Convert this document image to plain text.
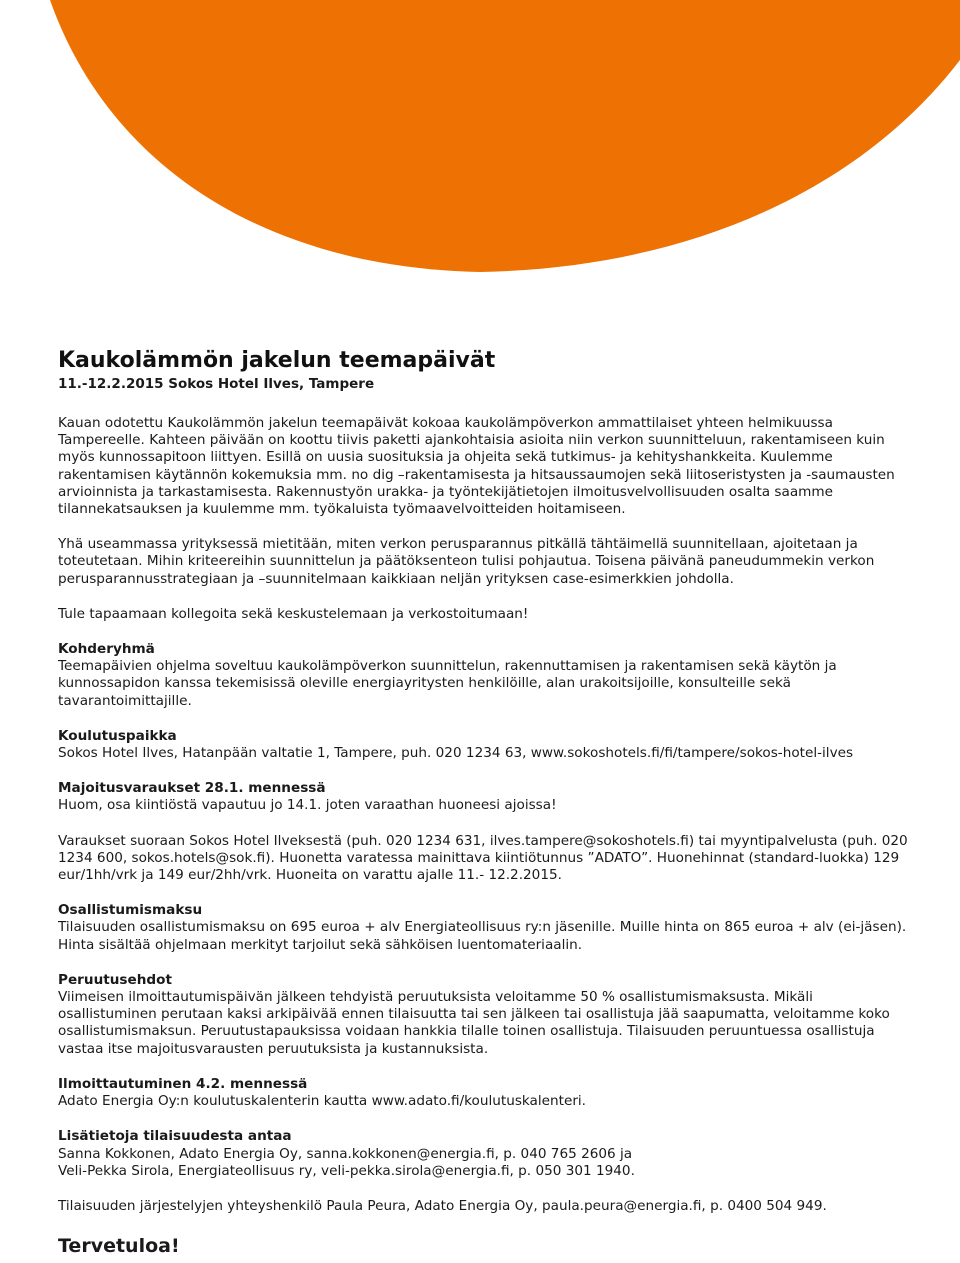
Kaukolämmön jakelun teemapäivät
11.-12.2.2015 Sokos Hotel Ilves, Tampere

Kauan odotettu Kaukolämmön jakelun teemapäivät kokoaa kaukolämpöverkon ammattilaiset yhteen helmikuussa Tampereelle. Kahteen päivään on koottu tiivis paketti ajankohtaisia asioita niin verkon suunnitteluun, rakentamiseen kuin myös kunnossapitoon liittyen. Esillä on uusia suosituksia ja ohjeita sekä tutkimus- ja kehityshankkeita. Kuulemme rakentamisen käytännön kokemuksia mm. no dig –rakentamisesta ja hitsaussaumojen sekä liitoseristysten ja -saumausten arvioinnista ja tarkastamisesta. Rakennustyön urakka- ja työntekijätietojen ilmoitusvelvollisuuden osalta saamme tilannekatsauksen ja kuulemme mm. työkaluista työmaavelvoitteiden hoitamiseen.

Yhä useammassa yrityksessä mietitään, miten verkon perusparannus pitkällä tähtäimellä suunnitellaan, ajoitetaan ja toteutetaan. Mihin kriteereihin suunnittelun ja päätöksenteon tulisi pohjautua. Toisena päivänä paneudummekin verkon perusparannusstrategiaan ja –suunnitelmaan kaikkiaan neljän yrityksen case-esimerkkien johdolla.

Tule tapaamaan kollegoita sekä keskustelemaan ja verkostoitumaan!

Kohderyhmä

Teemapäivien ohjelma soveltuu kaukolämpöverkon suunnittelun, rakennuttamisen ja rakentamisen sekä käytön ja kunnossapidon kanssa tekemisissä oleville energiayritysten henkilöille, alan urakoitsijoille, konsulteille sekä tavarantoimittajille.

Koulutuspaikka

Sokos Hotel Ilves, Hatanpään valtatie 1, Tampere, puh. 020 1234 63, www.sokoshotels.fi/fi/tampere/sokos-hotel-ilves

Majoitusvaraukset 28.1. mennessä

Huom, osa kiintiöstä vapautuu jo 14.1. joten varaathan huoneesi ajoissa!

Varaukset suoraan Sokos Hotel Ilveksestä (puh. 020 1234 631, ilves.tampere@sokoshotels.fi) tai myyntipalvelusta (puh. 020 1234 600, sokos.hotels@sok.fi). Huonetta varatessa mainittava kiintiötunnus ”ADATO”. Huonehinnat (standard-luokka) 129 eur/1hh/vrk ja 149 eur/2hh/vrk. Huoneita on varattu ajalle 11.- 12.2.2015.

Osallistumismaksu

Tilaisuuden osallistumismaksu on 695 euroa + alv Energiateollisuus ry:n jäsenille. Muille hinta on 865 euroa + alv (ei-jäsen). Hinta sisältää ohjelmaan merkityt tarjoilut sekä sähköisen luentomateriaalin.

Peruutusehdot

Viimeisen ilmoittautumispäivän jälkeen tehdyistä peruutuksista veloitamme 50 % osallistumismaksusta. Mikäli osallistuminen perutaan kaksi arkipäivää ennen tilaisuutta tai sen jälkeen tai osallistuja jää saapumatta, veloitamme koko osallistumismaksun. Peruutustapauksissa voidaan hankkia tilalle toinen osallistuja. Tilaisuuden peruuntuessa osallistuja vastaa itse majoitusvarausten peruutuksista ja kustannuksista.

Ilmoittautuminen 4.2. mennessä

Adato Energia Oy:n koulutuskalenterin kautta www.adato.fi/koulutuskalenteri.

Lisätietoja tilaisuudesta antaa

Sanna Kokkonen, Adato Energia Oy, sanna.kokkonen@energia.fi, p. 040 765 2606 ja

Veli-Pekka Sirola, Energiateollisuus ry, veli-pekka.sirola@energia.fi, p. 050 301 1940.

Tilaisuuden järjestelyjen yhteyshenkilö Paula Peura, Adato Energia Oy, paula.peura@energia.fi, p. 0400 504 949.

Tervetuloa!
